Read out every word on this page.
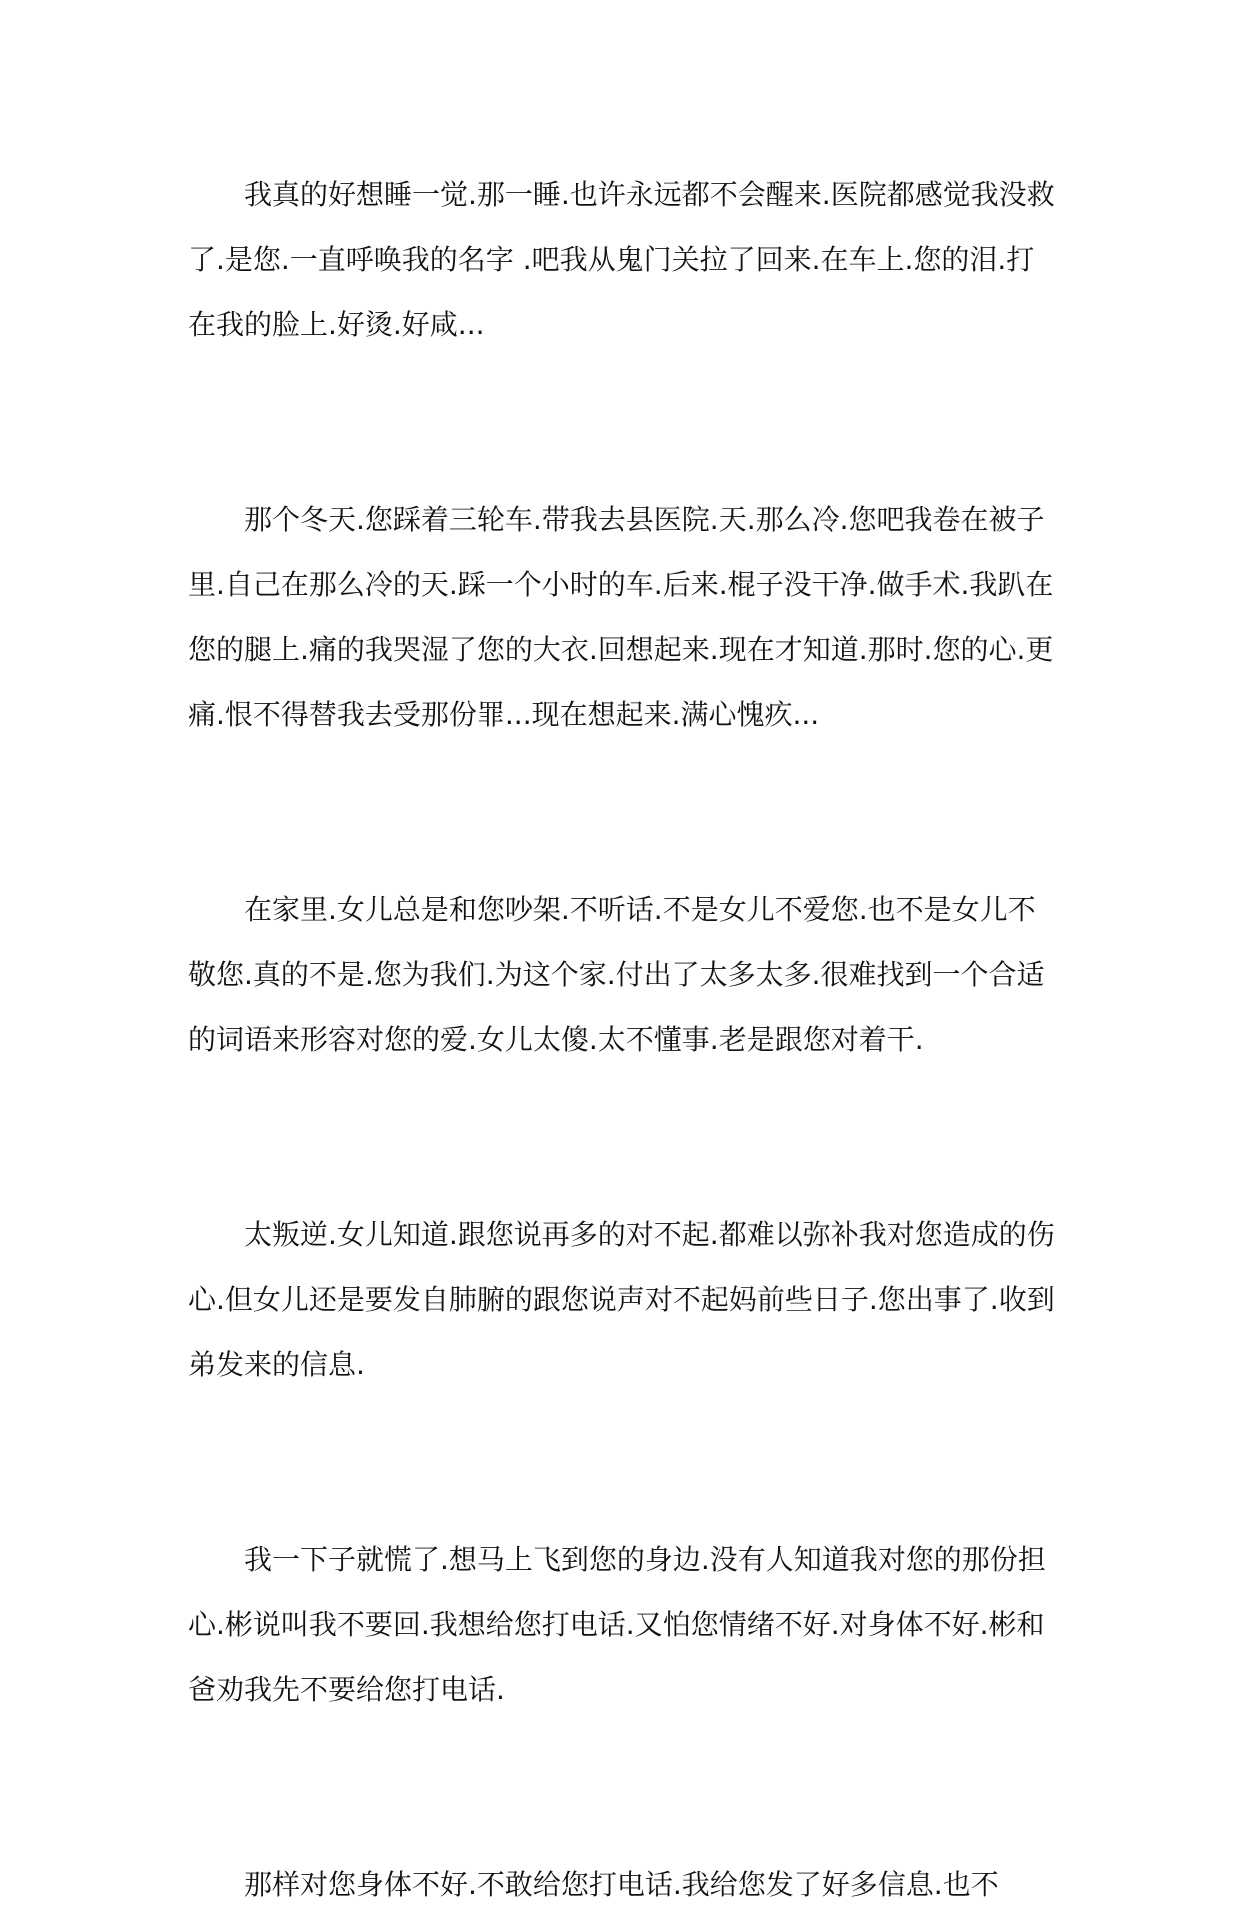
我真的好想睡一觉.那一睡.也许永远都不会醒来.医院都感觉我没救了.是您.一直呼唤我的名字 .吧我从鬼门关拉了回来.在车上.您的泪.打在我的脸上.好烫.好咸...

那个冬天.您踩着三轮车.带我去县医院.天.那么冷.您吧我卷在被子里.自己在那么冷的天.踩一个小时的车.后来.棍子没干净.做手术.我趴在您的腿上.痛的我哭湿了您的大衣.回想起来.现在才知道.那时.您的心.更痛.恨不得替我去受那份罪...现在想起来.满心愧疚...

在家里.女儿总是和您吵架.不听话.不是女儿不爱您.也不是女儿不敬您.真的不是.您为我们.为这个家.付出了太多太多.很难找到一个合适的词语来形容对您的爱.女儿太傻.太不懂事.老是跟您对着干.

太叛逆.女儿知道.跟您说再多的对不起.都难以弥补我对您造成的伤心.但女儿还是要发自肺腑的跟您说声对不起妈前些日子.您出事了.收到弟发来的信息.

我一下子就慌了.想马上飞到您的身边.没有人知道我对您的那份担心.彬说叫我不要回.我想给您打电话.又怕您情绪不好.对身体不好.彬和爸劝我先不要给您打电话.

那样对您身体不好.不敢给您打电话.我给您发了好多信息.也不
